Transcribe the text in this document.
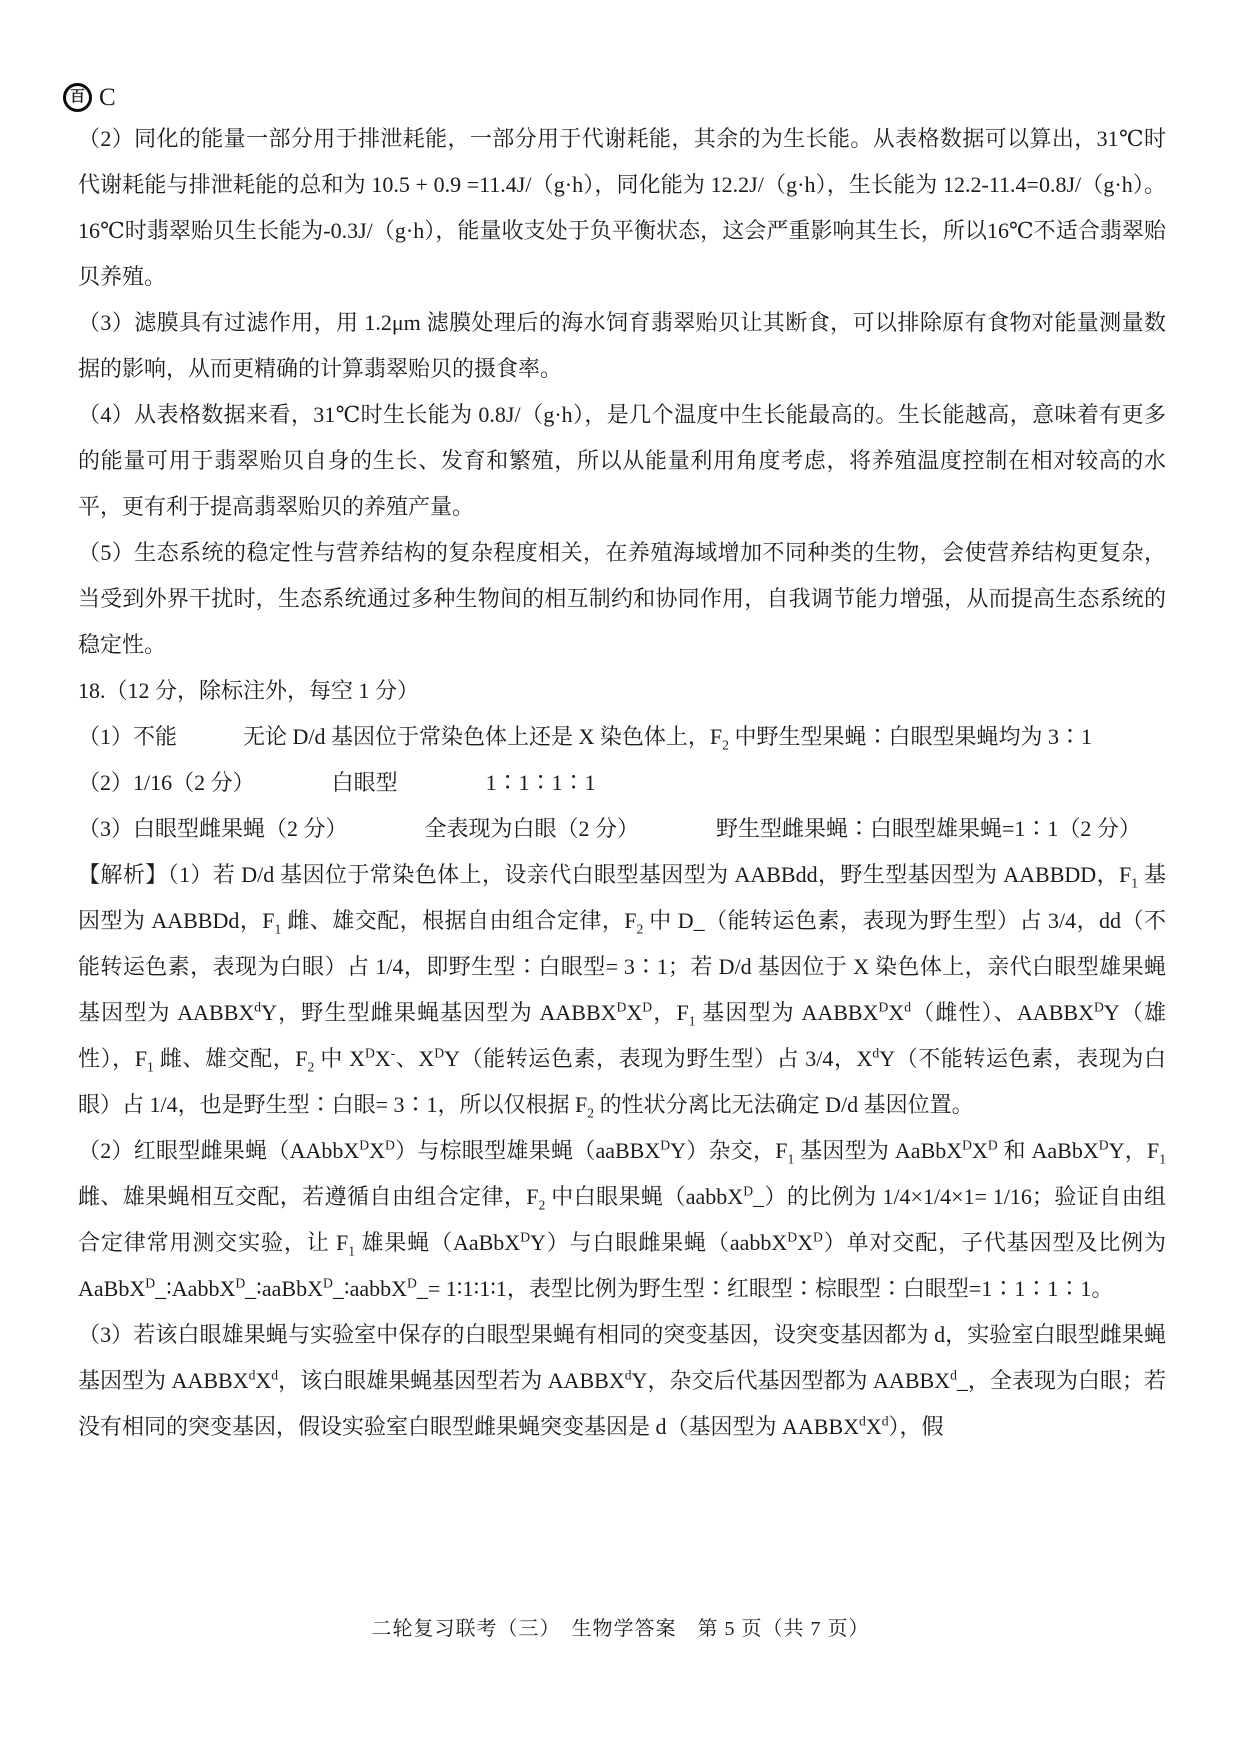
百 C

（2）同化的能量一部分用于排泄耗能，一部分用于代谢耗能，其余的为生长能。从表格数据可以算出，31℃时代谢耗能与排泄耗能的总和为 10.5 + 0.9 =11.4J/（g·h），同化能为 12.2J/（g·h），生长能为 12.2-11.4=0.8J/（g·h）。16℃时翡翠贻贝生长能为-0.3J/（g·h），能量收支处于负平衡状态，这会严重影响其生长，所以16℃不适合翡翠贻贝养殖。

（3）滤膜具有过滤作用，用 1.2μm 滤膜处理后的海水饲育翡翠贻贝让其断食，可以排除原有食物对能量测量数据的影响，从而更精确的计算翡翠贻贝的摄食率。

（4）从表格数据来看，31℃时生长能为 0.8J/（g·h），是几个温度中生长能最高的。生长能越高，意味着有更多的能量可用于翡翠贻贝自身的生长、发育和繁殖，所以从能量利用角度考虑，将养殖温度控制在相对较高的水平，更有利于提高翡翠贻贝的养殖产量。

（5）生态系统的稳定性与营养结构的复杂程度相关，在养殖海域增加不同种类的生物，会使营养结构更复杂，当受到外界干扰时，生态系统通过多种生物间的相互制约和协同作用，自我调节能力增强，从而提高生态系统的稳定性。

18.（12 分，除标注外，每空 1 分）

（1）不能　　　无论 D/d 基因位于常染色体上还是 X 染色体上，$F_2$ 中野生型果蝇∶白眼型果蝇均为 3∶1

（2）1/16（2 分）　　　　白眼型　　　　1∶1∶1∶1

（3）白眼型雌果蝇（2 分）　　　　全表现为白眼（2 分）　　　　野生型雌果蝇∶白眼型雄果蝇=1∶1（2 分）

【解析】（1）若 D/d 基因位于常染色体上，设亲代白眼型基因型为 AABBdd，野生型基因型为 AABBDD，$F_1$ 基因型为 AABBDd，$F_1$ 雌、雄交配，根据自由组合定律，$F_2$ 中 D_（能转运色素，表现为野生型）占 3/4，dd（不能转运色素，表现为白眼）占 1/4，即野生型∶白眼型= 3∶1；若 D/d 基因位于 X 染色体上，亲代白眼型雄果蝇基因型为 AABBX$^d$Y，野生型雌果蝇基因型为 $AABBX^DX^D$，$F_1$ 基因型为 $AABBX^DX^d$（雌性）、$AABBX^DY$（雄性），$F_1$ 雌、雄交配，$F_2$ 中 $X^DX^-$、$X^DY$（能转运色素，表现为野生型）占 3/4，$X^dY$（不能转运色素，表现为白眼）占 1/4，也是野生型∶白眼= 3∶1，所以仅根据 $F_2$ 的性状分离比无法确定 D/d 基因位置。

（2）红眼型雌果蝇$(AAbbX^DX^D)$与棕眼型雄果蝇（aaBBX$^D$Y）杂交，$F_1$ 基因型为 $AaBbX^DX^D$ 和 AaBbX$^D$Y，$F_1$ 雌、雄果蝇相互交配，若遵循自由组合定律，$F_2$ 中白眼果蝇（aabbX$^D$_）的比例为 1/4×1/4×1= 1/16；验证自由组合定律常用测交实验，让 $F_1$ 雄果蝇（AaBbX$^D$Y）与白眼雌果蝇$(aabbX^DX^D)$单对交配，子代基因型及比例为 AaBbX$^D$_∶AabbX$^D$_∶aaBbX$^D$_∶aabbX$^D$_= 1∶1∶1∶1，表型比例为野生型∶红眼型∶棕眼型∶白眼型=1∶1∶1∶1。

（3）若该白眼雄果蝇与实验室中保存的白眼型果蝇有相同的突变基因，设突变基因都为 d，实验室白眼型雌果蝇基因型为 $AABBX^dX^d$，该白眼雄果蝇基因型若为 AABBX$^d$Y，杂交后代基因型都为 AABBX$^d$_，全表现为白眼；若没有相同的突变基因，假设实验室白眼型雌果蝇突变基因是 d（基因型为 $AABBX^dX^d$），假

二轮复习联考（三）　生物学答案　第 5 页（共 7 页）
